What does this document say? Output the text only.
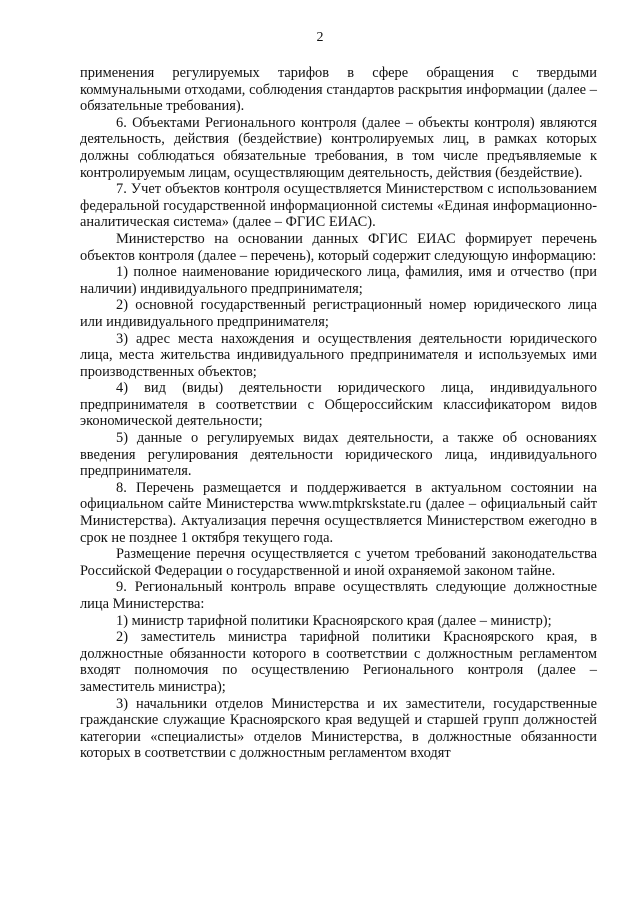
2

применения регулируемых тарифов в сфере обращения с твердыми коммунальными отходами, соблюдения стандартов раскрытия информации (далее – обязательные требования).

6. Объектами Регионального контроля (далее – объекты контроля) являются деятельность, действия (бездействие) контролируемых лиц, в рамках которых должны соблюдаться обязательные требования, в том числе предъявляемые к контролируемым лицам, осуществляющим деятельность, действия (бездействие).

7. Учет объектов контроля осуществляется Министерством с использованием федеральной государственной информационной системы «Единая информационно-аналитическая система» (далее – ФГИС ЕИАС).

Министерство на основании данных ФГИС ЕИАС формирует перечень объектов контроля (далее – перечень), который содержит следующую информацию:

1) полное наименование юридического лица, фамилия, имя и отчество (при наличии) индивидуального предпринимателя;

2) основной государственный регистрационный номер юридического лица или индивидуального предпринимателя;

3) адрес места нахождения и осуществления деятельности юридического лица, места жительства индивидуального предпринимателя и используемых ими производственных объектов;

4) вид (виды) деятельности юридического лица, индивидуального предпринимателя в соответствии с Общероссийским классификатором видов экономической деятельности;

5) данные о регулируемых видах деятельности, а также об основаниях введения регулирования деятельности юридического лица, индивидуального предпринимателя.

8. Перечень размещается и поддерживается в актуальном состоянии на официальном сайте Министерства www.mtpkrskstate.ru (далее – официальный сайт Министерства). Актуализация перечня осуществляется Министерством ежегодно в срок не позднее 1 октября текущего года.

Размещение перечня осуществляется с учетом требований законодательства Российской Федерации о государственной и иной охраняемой законом тайне.

9. Региональный контроль вправе осуществлять следующие должностные лица Министерства:

1) министр тарифной политики Красноярского края (далее – министр);

2) заместитель министра тарифной политики Красноярского края, в должностные обязанности которого в соответствии с должностным регламентом входят полномочия по осуществлению Регионального контроля (далее – заместитель министра);

3) начальники отделов Министерства и их заместители, государственные гражданские служащие Красноярского края ведущей и старшей групп должностей категории «специалисты» отделов Министерства, в должностные обязанности которых в соответствии с должностным регламентом входят
